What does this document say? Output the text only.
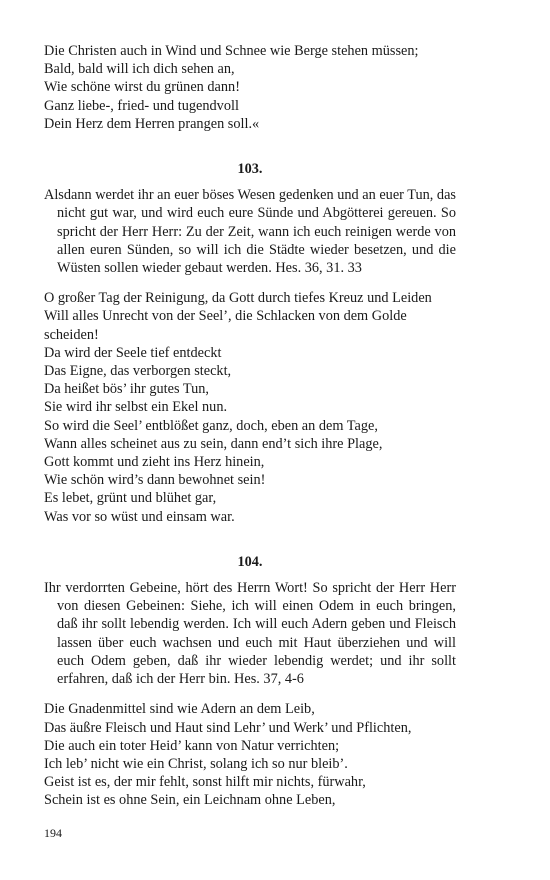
Die Christen auch in Wind und Schnee wie Berge stehen müssen;
Bald, bald will ich dich sehen an,
Wie schöne wirst du grünen dann!
Ganz liebe-, fried- und tugendvoll
Dein Herz dem Herren prangen soll.«
103.
Alsdann werdet ihr an euer böses Wesen gedenken und an euer Tun, das nicht gut war, und wird euch eure Sünde und Abgötterei gereuen. So spricht der Herr Herr: Zu der Zeit, wann ich euch reinigen werde von allen euren Sünden, so will ich die Städte wieder besetzen, und die Wüsten sollen wieder gebaut werden. Hes. 36, 31. 33
O großer Tag der Reinigung, da Gott durch tiefes Kreuz und Leiden
Will alles Unrecht von der Seel’, die Schlacken von dem Golde
scheiden!
Da wird der Seele tief entdeckt
Das Eigne, das verborgen steckt,
Da heißet bös’ ihr gutes Tun,
Sie wird ihr selbst ein Ekel nun.
So wird die Seel’ entblößet ganz, doch, eben an dem Tage,
Wann alles scheinet aus zu sein, dann end’t sich ihre Plage,
Gott kommt und zieht ins Herz hinein,
Wie schön wird’s dann bewohnet sein!
Es lebet, grünt und blühet gar,
Was vor so wüst und einsam war.
104.
Ihr verdorrten Gebeine, hört des Herrn Wort! So spricht der Herr Herr von diesen Gebeinen: Siehe, ich will einen Odem in euch bringen, daß ihr sollt lebendig werden. Ich will euch Adern geben und Fleisch lassen über euch wachsen und euch mit Haut überziehen und will euch Odem geben, daß ihr wieder lebendig werdet; und ihr sollt erfahren, daß ich der Herr bin. Hes. 37, 4-6
Die Gnadenmittel sind wie Adern an dem Leib,
Das äußre Fleisch und Haut sind Lehr’ und Werk’ und Pflichten,
Die auch ein toter Heid’ kann von Natur verrichten;
Ich leb’ nicht wie ein Christ, solang ich so nur bleib’.
Geist ist es, der mir fehlt, sonst hilft mir nichts, fürwahr,
Schein ist es ohne Sein, ein Leichnam ohne Leben,
194
